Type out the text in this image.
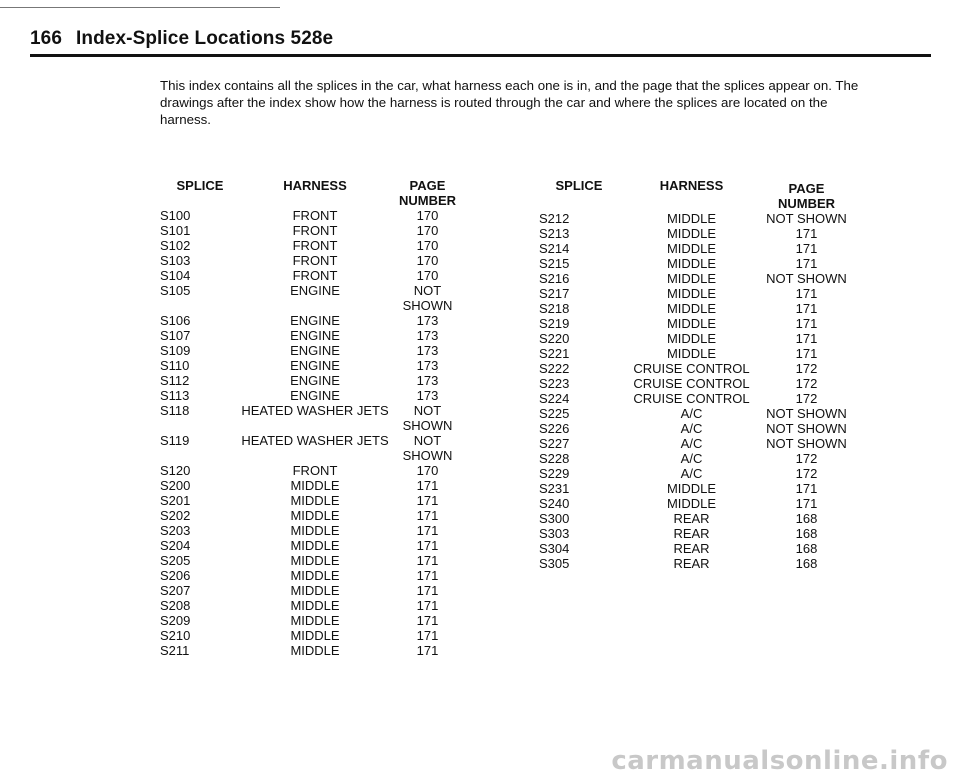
166 Index-Splice Locations 528e

This index contains all the splices in the car, what harness each one is in, and the page that the splices appear on. The drawings after the index show how the harness is routed through the car and where the splices are located on the harness.

SPLICE	HARNESS	PAGE
NUMBER
S100	FRONT	170
S101	FRONT	170
S102	FRONT	170
S103	FRONT	170
S104	FRONT	170
S105	ENGINE	NOT SHOWN
S106	ENGINE	173
S107	ENGINE	173
S109	ENGINE	173
S110	ENGINE	173
S112	ENGINE	173
S113	ENGINE	173
S118	HEATED WASHER JETS	NOT SHOWN
S119	HEATED WASHER JETS	NOT SHOWN
S120	FRONT	170
S200	MIDDLE	171
S201	MIDDLE	171
S202	MIDDLE	171
S203	MIDDLE	171
S204	MIDDLE	171
S205	MIDDLE	171
S206	MIDDLE	171
S207	MIDDLE	171
S208	MIDDLE	171
S209	MIDDLE	171
S210	MIDDLE	171
S211	MIDDLE	171
SPLICE	HARNESS	PAGE
NUMBER
S212	MIDDLE	NOT SHOWN
S213	MIDDLE	171
S214	MIDDLE	171
S215	MIDDLE	171
S216	MIDDLE	NOT SHOWN
S217	MIDDLE	171
S218	MIDDLE	171
S219	MIDDLE	171
S220	MIDDLE	171
S221	MIDDLE	171
S222	CRUISE CONTROL	172
S223	CRUISE CONTROL	172
S224	CRUISE CONTROL	172
S225	A/C	NOT SHOWN
S226	A/C	NOT SHOWN
S227	A/C	NOT SHOWN
S228	A/C	172
S229	A/C	172
S231	MIDDLE	171
S240	MIDDLE	171
S300	REAR	168
S303	REAR	168
S304	REAR	168
S305	REAR	168
carmanualsonline.info
